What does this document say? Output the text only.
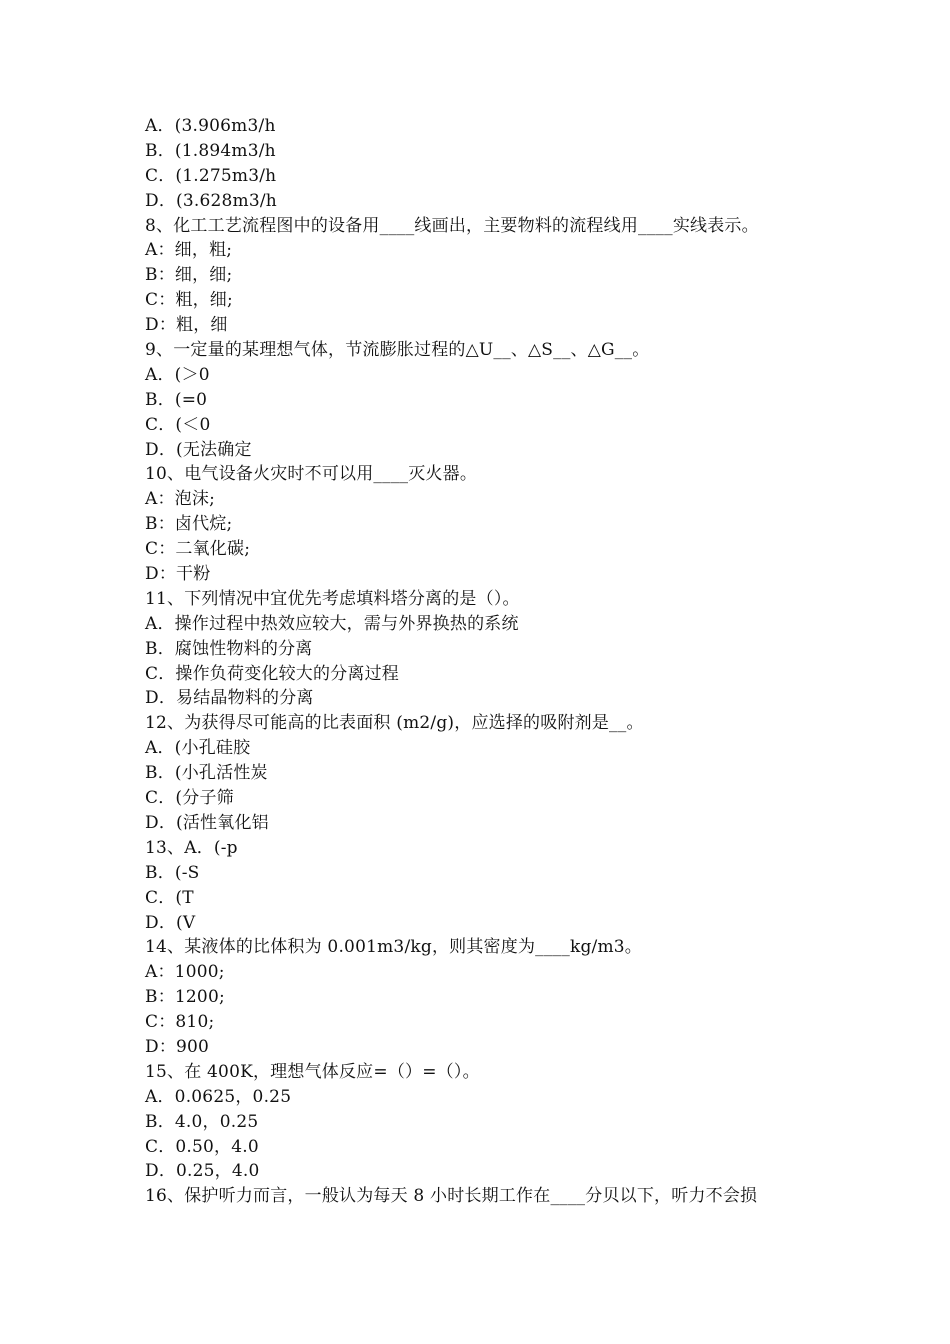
A．(3.906m3/h
B．(1.894m3/h
C．(1.275m3/h
D．(3.628m3/h
8、化工工艺流程图中的设备用____线画出，主要物料的流程线用____实线表示。
A：细，粗;
B：细，细;
C：粗，细;
D：粗，细
9、一定量的某理想气体，节流膨胀过程的△U__、△S__、△G__。
A．(＞0
B．(=0
C．(＜0
D．(无法确定
10、电气设备火灾时不可以用____灭火器。
A：泡沫;
B：卤代烷;
C：二氧化碳;
D：干粉
11、下列情况中宜优先考虑填料塔分离的是（）。
A．操作过程中热效应较大，需与外界换热的系统
B．腐蚀性物料的分离
C．操作负荷变化较大的分离过程
D．易结晶物料的分离
12、为获得尽可能高的比表面积 (m2/g)，应选择的吸附剂是__。
A．(小孔硅胶
B．(小孔活性炭
C．(分子筛
D．(活性氧化铝
13、A．(-p
B．(-S
C．(T
D．(V
14、某液体的比体积为 0.001m3/kg，则其密度为____kg/m3。
A：1000;
B：1200;
C：810;
D：900
15、在 400K，理想气体反应=（）=（）。
A．0.0625，0.25
B．4.0，0.25
C．0.50，4.0
D．0.25，4.0
16、保护听力而言，一般认为每天 8 小时长期工作在____分贝以下，听力不会损
